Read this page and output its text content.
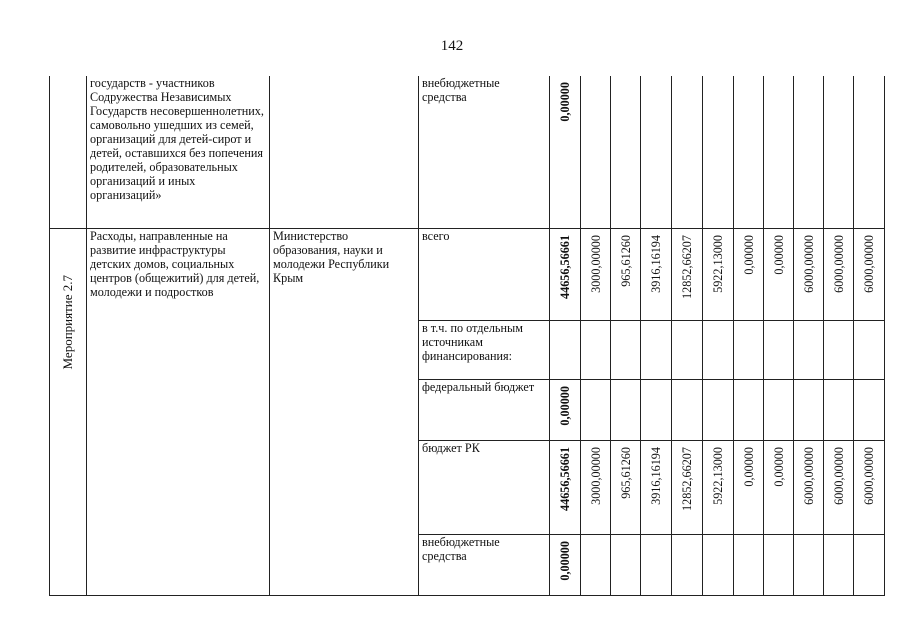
142
	государств - участников Содружества Независимых Государств несовершеннолетних, самовольно ушедших из семей, организаций для детей-сирот и детей, оставшихся без попечения родителей, образовательных организаций и иных организаций»		внебюджетные средства	0,00000										

Мероприятие 2.7	Расходы, направленные на развитие инфраструктуры детских домов, социальных центров (общежитий) для детей, молодежи и подростков	Министерство образования, науки и молодежи Республики Крым	всего	44656,56661	3000,00000	965,61260	3916,16194	12852,66207	5922,13000	0,00000	0,00000	6000,00000	6000,00000	6000,00000

			в т.ч. по отдельным источникам финансирования:											
			федеральный бюджет	0,00000										

			бюджет РК	44656,56661	3000,00000	965,61260	3916,16194	12852,66207	5922,13000	0,00000	0,00000	6000,00000	6000,00000	6000,00000

			внебюджетные средства	0,00000										
